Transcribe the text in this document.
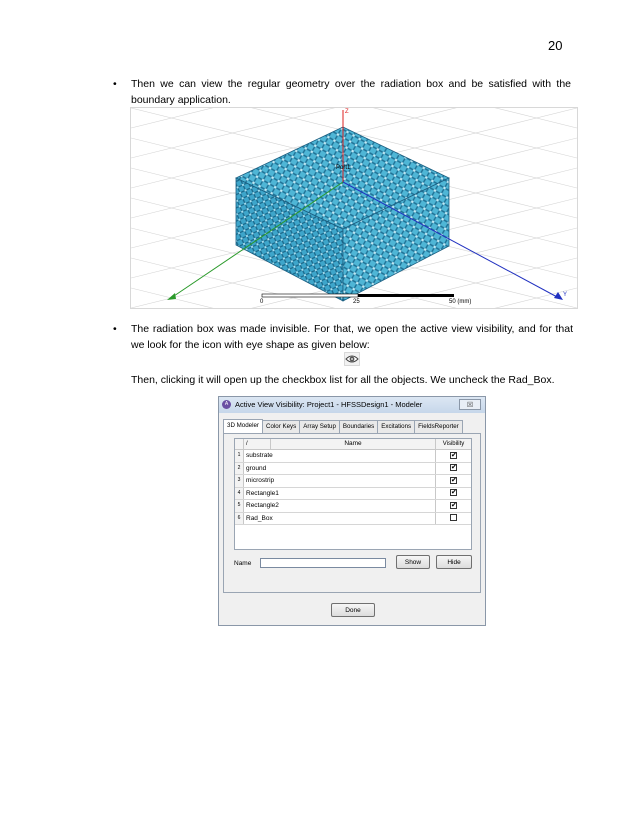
20
• Then we can view the regular geometry over the radiation box and be satisfied with the boundary application.
Z
Port1
Y
0	25	50 (mm)
• The radiation box was made invisible. For that, we open the active view visibility, and for that we look for the icon with eye shape as given below:
Then, clicking it will open up the checkbox list for all the objects. We uncheck the Rad_Box.
A Active View Visibility: Project1 - HFSSDesign1 - Modeler	☒
3D Modeler	Color Keys	Array Setup	Boundaries	Excitations	FieldsReporter
/	Name	Visibility
1 substrate	✔
2 ground	✔
3 microstrip	✔
4 Rectangle1	✔
5 Rectangle2	✔
6 Rad_Box
Name	Show	Hide
Done
